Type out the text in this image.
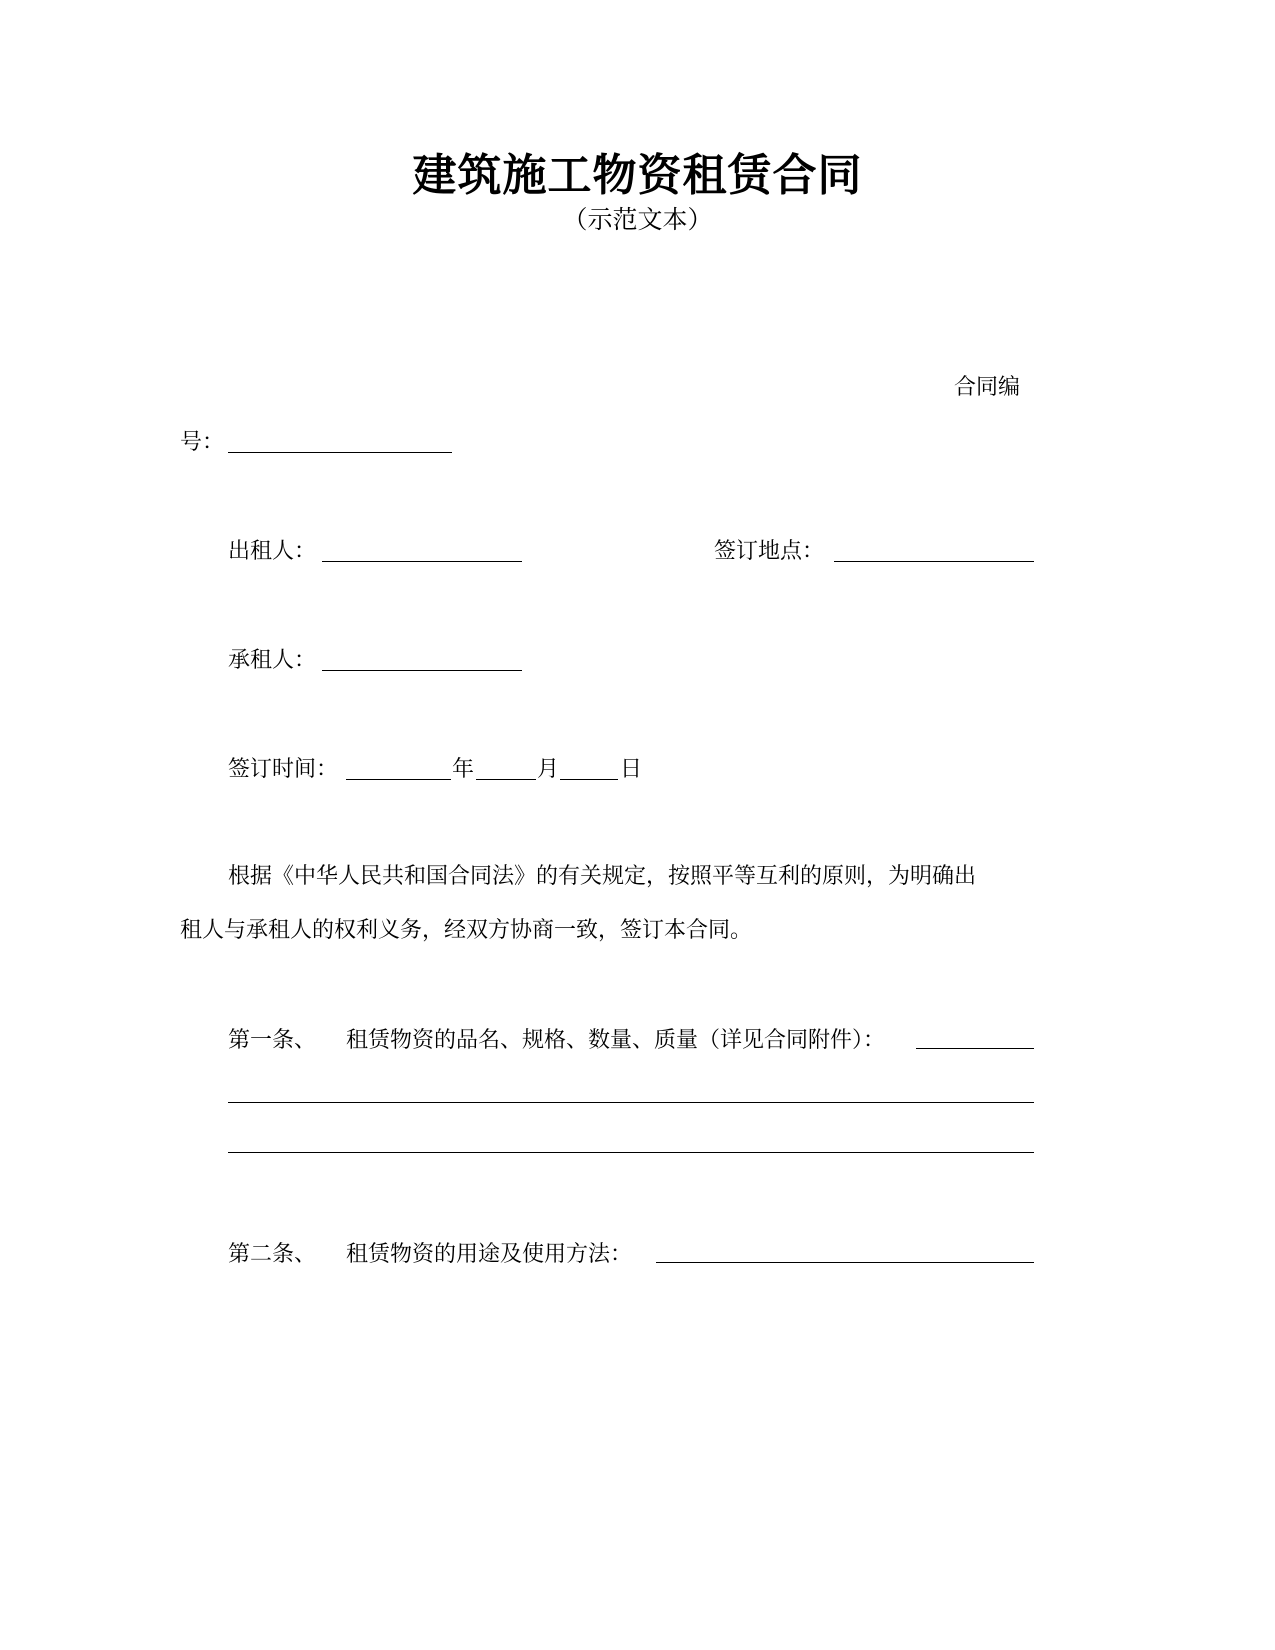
建筑施工物资租赁合同
（示范文本）
合同编
号：
出租人：	签订地点：
承租人：
签订时间：	年	月	日
根据《中华人民共和国合同法》的有关规定，按照平等互利的原则，为明确出
租人与承租人的权利义务，经双方协商一致，签订本合同。
第一条、 租赁物资的品名、规格、数量、质量（详见合同附件）：
第二条、 租赁物资的用途及使用方法：
